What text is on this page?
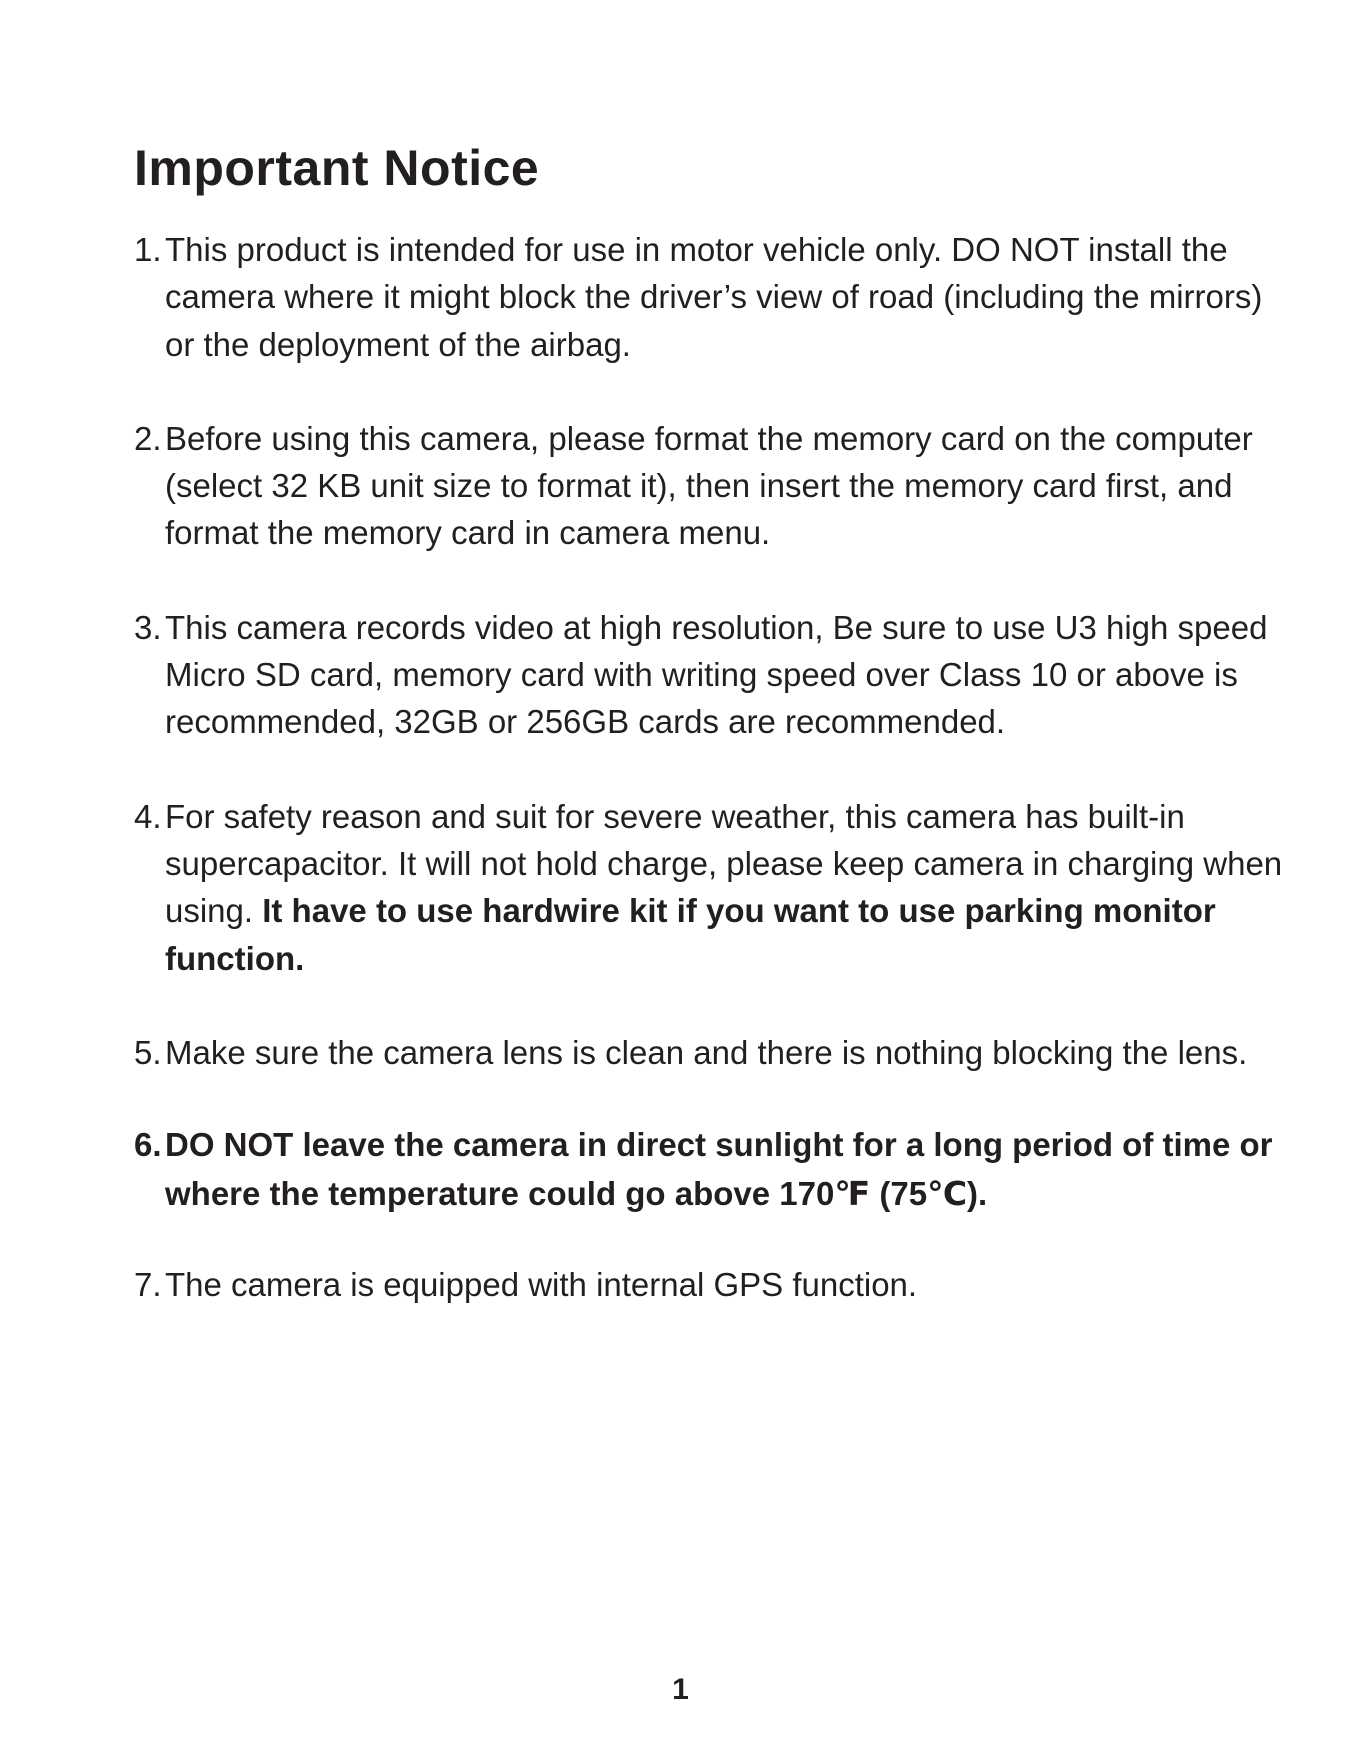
Important Notice
1. This product is intended for use in motor vehicle only. DO NOT install the camera where it might block the driver’s view of road (including the mirrors) or the deployment of the airbag.
2. Before using this camera, please format the memory card on the computer (select 32 KB unit size to format it), then insert the memory card first, and format the memory card in camera menu.
3. This camera records video at high resolution, Be sure to use U3 high speed Micro SD card, memory card with writing speed over Class 10 or above is recommended, 32GB or 256GB cards are recommended.
4. For safety reason and suit for severe weather, this camera has built-in supercapacitor. It will not hold charge, please keep camera in charging when using. It have to use hardwire kit if you want to use parking monitor function.
5. Make sure the camera lens is clean and there is nothing blocking the lens.
6. DO NOT leave the camera in direct sunlight for a long period of time or where the temperature could go above 170℉ (75℃).
7. The camera is equipped with internal GPS function.
1
